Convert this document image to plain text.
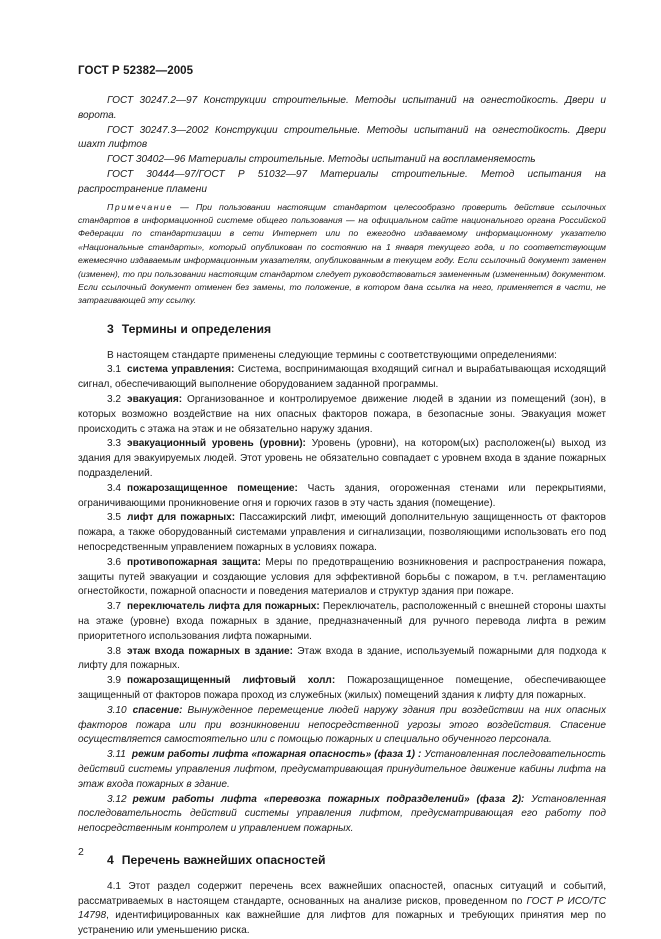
ГОСТ Р 52382—2005

ГОСТ 30247.2—97 Конструкции строительные. Методы испытаний на огнестойкость. Двери и ворота.

ГОСТ 30247.3—2002 Конструкции строительные. Методы испытаний на огнестойкость. Двери шахт лифтов

ГОСТ 30402—96 Материалы строительные. Методы испытаний на воспламеняемость

ГОСТ 30444—97/ГОСТ Р 51032—97 Материалы строительные. Метод испытания на распространение пламени

Примечание — При пользовании настоящим стандартом целесообразно проверить действие ссылочных стандартов в информационной системе общего пользования — на официальном сайте национального органа Российской Федерации по стандартизации в сети Интернет или по ежегодно издаваемому информационному указателю «Национальные стандарты», который опубликован по состоянию на 1 января текущего года, и по соответствующим ежемесячно издаваемым информационным указателям, опубликованным в текущем году. Если ссылочный документ заменен (изменен), то при пользовании настоящим стандартом следует руководствоваться замененным (измененным) документом. Если ссылочный документ отменен без замены, то положение, в котором дана ссылка на него, применяется в части, не затрагивающей эту ссылку.

3 Термины и определения

В настоящем стандарте применены следующие термины с соответствующими определениями:

3.1 система управления: Система, воспринимающая входящий сигнал и вырабатывающая исходящий сигнал, обеспечивающий выполнение оборудованием заданной программы.

3.2 эвакуация: Организованное и контролируемое движение людей в здании из помещений (зон), в которых возможно воздействие на них опасных факторов пожара, в безопасные зоны. Эвакуация может происходить с этажа на этаж и не обязательно наружу здания.

3.3 эвакуационный уровень (уровни): Уровень (уровни), на котором(ых) расположен(ы) выход из здания для эвакуируемых людей. Этот уровень не обязательно совпадает с уровнем входа в здание пожарных подразделений.

3.4 пожарозащищенное помещение: Часть здания, огороженная стенами или перекрытиями, ограничивающими проникновение огня и горючих газов в эту часть здания (помещение).

3.5 лифт для пожарных: Пассажирский лифт, имеющий дополнительную защищенность от факторов пожара, а также оборудованный системами управления и сигнализации, позволяющими использовать его под непосредственным управлением пожарных в условиях пожара.

3.6 противопожарная защита: Меры по предотвращению возникновения и распространения пожара, защиты путей эвакуации и создающие условия для эффективной борьбы с пожаром, в т.ч. регламентацию огнестойкости, пожарной опасности и поведения материалов и структур здания при пожаре.

3.7 переключатель лифта для пожарных: Переключатель, расположенный с внешней стороны шахты на этаже (уровне) входа пожарных в здание, предназначенный для ручного перевода лифта в режим приоритетного использования лифта пожарными.

3.8 этаж входа пожарных в здание: Этаж входа в здание, используемый пожарными для подхода к лифту для пожарных.

3.9 пожарозащищенный лифтовый холл: Пожарозащищенное помещение, обеспечивающее защищенный от факторов пожара проход из служебных (жилых) помещений здания к лифту для пожарных.

3.10 спасение: Вынужденное перемещение людей наружу здания при воздействии на них опасных факторов пожара или при возникновении непосредственной угрозы этого воздействия. Спасение осуществляется самостоятельно или с помощью пожарных и специально обученного персонала.

3.11 режим работы лифта «пожарная опасность» (фаза 1) : Установленная последовательность действий системы управления лифтом, предусматривающая принудительное движение кабины лифта на этаж входа пожарных в здание.

3.12 режим работы лифта «перевозка пожарных подразделений» (фаза 2): Установленная последовательность действий системы управления лифтом, предусматривающая его работу под непосредственным контролем и управлением пожарных.

4 Перечень важнейших опасностей

4.1 Этот раздел содержит перечень всех важнейших опасностей, опасных ситуаций и событий, рассматриваемых в настоящем стандарте, основанных на анализе рисков, проведенном по ГОСТ Р ИСО/ТС 14798, идентифицированных как важнейшие для лифтов для пожарных и требующих принятия мер по устранению или уменьшению риска.

2
